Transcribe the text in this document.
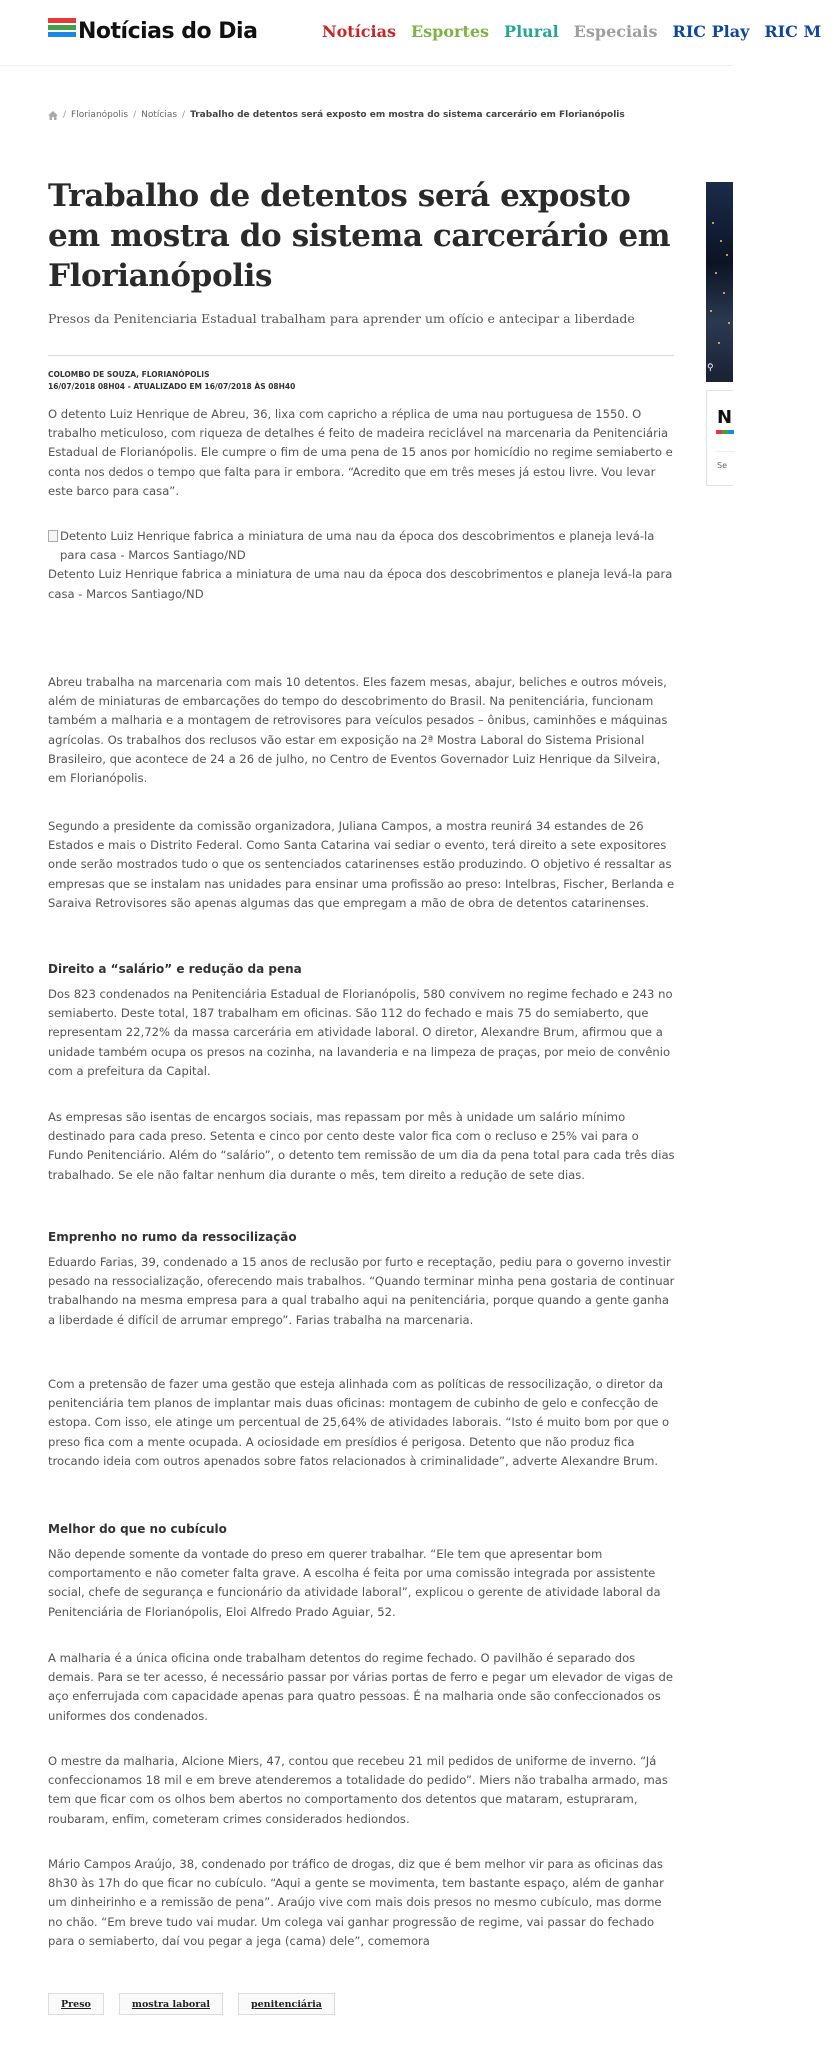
Notícias do Dia	Notícias Esportes Plural Especiais RIC Play RIC M
/ Florianópolis / Notícias / Trabalho de detentos será exposto em mostra do sistema carcerário em Florianópolis
Trabalho de detentos será exposto em mostra do sistema carcerário em Florianópolis
Presos da Penitenciaria Estadual trabalham para aprender um ofício e antecipar a liberdade
COLOMBO DE SOUZA, FLORIANÓPOLIS
16/07/2018 08H04 - ATUALIZADO EM 16/07/2018 ÀS 08H40

O detento Luiz Henrique de Abreu, 36, lixa com capricho a réplica de uma nau portuguesa de 1550. O trabalho meticuloso, com riqueza de detalhes é feito de madeira reciclável na marcenaria da Penitenciária Estadual de Florianópolis. Ele cumpre o fim de uma pena de 15 anos por homicídio no regime semiaberto e conta nos dedos o tempo que falta para ir embora. “Acredito que em três meses já estou livre. Vou levar este barco para casa”.

Detento Luiz Henrique fabrica a miniatura de uma nau da época dos descobrimentos e planeja levá-la para casa - Marcos Santiago/ND

Detento Luiz Henrique fabrica a miniatura de uma nau da época dos descobrimentos e planeja levá-la para casa - Marcos Santiago/ND

Abreu trabalha na marcenaria com mais 10 detentos. Eles fazem mesas, abajur, beliches e outros móveis, além de miniaturas de embarcações do tempo do descobrimento do Brasil. Na penitenciária, funcionam também a malharia e a montagem de retrovisores para veículos pesados – ônibus, caminhões e máquinas agrícolas. Os trabalhos dos reclusos vão estar em exposição na 2ª Mostra Laboral do Sistema Prisional Brasileiro, que acontece de 24 a 26 de julho, no Centro de Eventos Governador Luiz Henrique da Silveira, em Florianópolis.

Segundo a presidente da comissão organizadora, Juliana Campos, a mostra reunirá 34 estandes de 26 Estados e mais o Distrito Federal. Como Santa Catarina vai sediar o evento, terá direito a sete expositores onde serão mostrados tudo o que os sentenciados catarinenses estão produzindo. O objetivo é ressaltar as empresas que se instalam nas unidades para ensinar uma profissão ao preso: Intelbras, Fischer, Berlanda e Saraiva Retrovisores são apenas algumas das que empregam a mão de obra de detentos catarinenses.

Direito a “salário” e redução da pena

Dos 823 condenados na Penitenciária Estadual de Florianópolis, 580 convivem no regime fechado e 243 no semiaberto. Deste total, 187 trabalham em oficinas. São 112 do fechado e mais 75 do semiaberto, que representam 22,72% da massa carcerária em atividade laboral. O diretor, Alexandre Brum, afirmou que a unidade também ocupa os presos na cozinha, na lavanderia e na limpeza de praças, por meio de convênio com a prefeitura da Capital.

As empresas são isentas de encargos sociais, mas repassam por mês à unidade um salário mínimo destinado para cada preso. Setenta e cinco por cento deste valor fica com o recluso e 25% vai para o Fundo Penitenciário. Além do “salário”, o detento tem remissão de um dia da pena total para cada três dias trabalhado. Se ele não faltar nenhum dia durante o mês, tem direito a redução de sete dias.

Emprenho no rumo da ressocilização

Eduardo Farias, 39, condenado a 15 anos de reclusão por furto e receptação, pediu para o governo investir pesado na ressocialização, oferecendo mais trabalhos. “Quando terminar minha pena gostaria de continuar trabalhando na mesma empresa para a qual trabalho aqui na penitenciária, porque quando a gente ganha a liberdade é difícil de arrumar emprego”. Farias trabalha na marcenaria.

Com a pretensão de fazer uma gestão que esteja alinhada com as políticas de ressocilização, o diretor da penitenciária tem planos de implantar mais duas oficinas: montagem de cubinho de gelo e confecção de estopa. Com isso, ele atinge um percentual de 25,64% de atividades laborais. “Isto é muito bom por que o preso fica com a mente ocupada. A ociosidade em presídios é perigosa. Detento que não produz fica trocando ideia com outros apenados sobre fatos relacionados à criminalidade”, adverte Alexandre Brum.

Melhor do que no cubículo

Não depende somente da vontade do preso em querer trabalhar. “Ele tem que apresentar bom comportamento e não cometer falta grave. A escolha é feita por uma comissão integrada por assistente social, chefe de segurança e funcionário da atividade laboral”, explicou o gerente de atividade laboral da Penitenciária de Florianópolis, Eloi Alfredo Prado Aguiar, 52.

A malharia é a única oficina onde trabalham detentos do regime fechado. O pavilhão é separado dos demais. Para se ter acesso, é necessário passar por várias portas de ferro e pegar um elevador de vigas de aço enferrujada com capacidade apenas para quatro pessoas. É na malharia onde são confeccionados os uniformes dos condenados.

O mestre da malharia, Alcione Miers, 47, contou que recebeu 21 mil pedidos de uniforme de inverno. “Já confeccionamos 18 mil e em breve atenderemos a totalidade do pedido”. Miers não trabalha armado, mas tem que ficar com os olhos bem abertos no comportamento dos detentos que mataram, estupraram, roubaram, enfim, cometeram crimes considerados hediondos.

Mário Campos Araújo, 38, condenado por tráfico de drogas, diz que é bem melhor vir para as oficinas das 8h30 às 17h do que ficar no cubículo. “Aqui a gente se movimenta, tem bastante espaço, além de ganhar um dinheirinho e a remissão de pena”. Araújo vive com mais dois presos no mesmo cubículo, mas dorme no chão. “Em breve tudo vai mudar. Um colega vai ganhar progressão de regime, vai passar do fechado para o semiaberto, daí vou pegar a jega (cama) dele”, comemora

Preso	mostra laboral	penitenciária
⚲
N
Se
